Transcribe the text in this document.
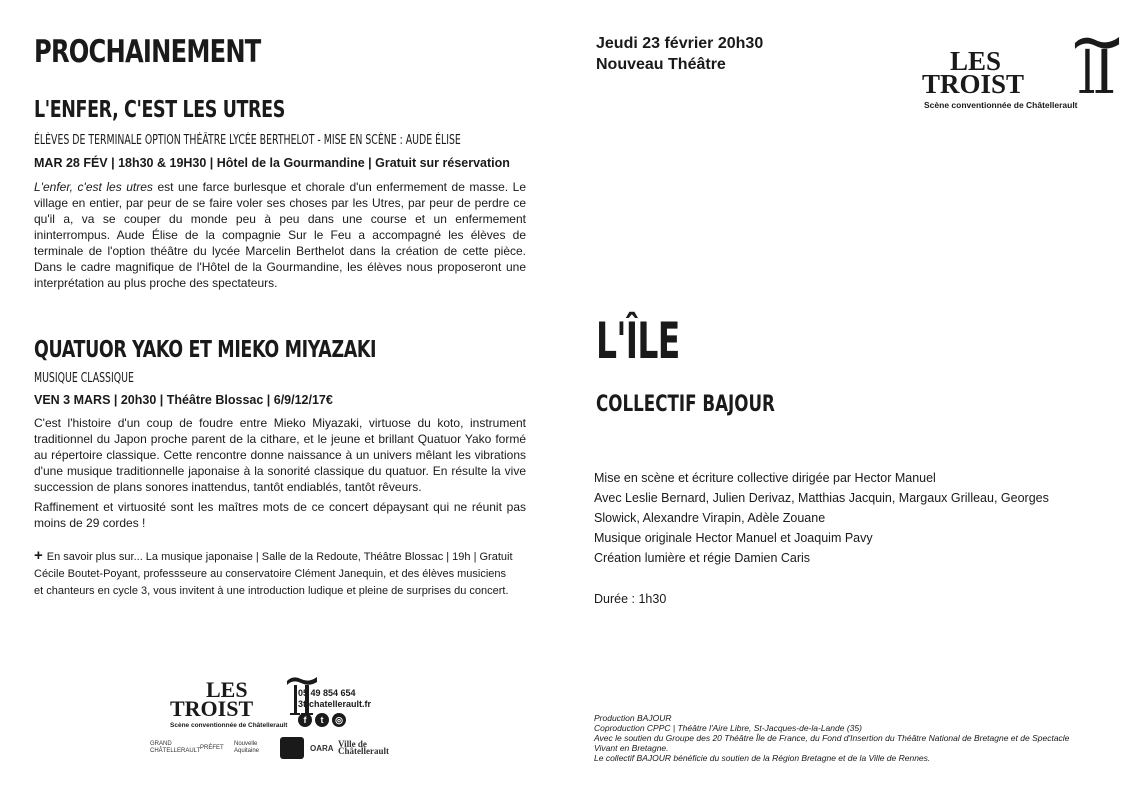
PROCHAINEMENT
L'ENFER, C'EST LES UTRES
ÉLÈVES DE TERMINALE OPTION THÉÂTRE LYCÉE BERTHELOT - MISE EN SCÈNE : AUDE ÉLISE
MAR 28 FÉV | 18h30 & 19H30 | Hôtel de la Gourmandine | Gratuit sur réservation

L'enfer, c'est les utres est une farce burlesque et chorale d'un enfermement de masse. Le village en entier, par peur de se faire voler ses choses par les Utres, par peur de perdre ce qu'il a, va se couper du monde peu à peu dans une course et un enfermement ininterrompus. Aude Élise de la compagnie Sur le Feu a accompagné les élèves de terminale de l'option théâtre du lycée Marcelin Berthelot dans la création de cette pièce. Dans le cadre magnifique de l'Hôtel de la Gourmandine, les élèves nous proposeront une interprétation au plus proche des spectateurs.

QUATUOR YAKO ET MIEKO MIYAZAKI
MUSIQUE CLASSIQUE
VEN 3 MARS | 20h30 | Théâtre Blossac | 6/9/12/17€

C'est l'histoire d'un coup de foudre entre Mieko Miyazaki, virtuose du koto, instrument traditionnel du Japon proche parent de la cithare, et le jeune et brillant Quatuor Yako formé au répertoire classique. Cette rencontre donne naissance à un univers mêlant les vibrations d'une musique traditionnelle japonaise à la sonorité classique du quatuor. En résulte la vive succession de plans sonores inattendus, tantôt endiablés, tantôt rêveurs.

Raffinement et virtuosité sont les maîtres mots de ce concert dépaysant qui ne réunit pas moins de 29 cordes !

+ En savoir plus sur... La musique japonaise | Salle de la Redoute, Théâtre Blossac | 19h | Gratuit
Cécile Boutet-Poyant, professseure au conservatoire Clément Janequin, et des élèves musiciens
et chanteurs en cycle 3, vous invitent à une introduction ludique et pleine de surprises du concert.
LES
TROIST
Scène conventionnée de Châtellerault
05 49 854 654
3t-chatellerault.fr
f	t	◎
GRAND CHÂTELLERAULT
PRÉFET
Nouvelle Aquitaine	OARA Ville de Châtellerault
Jeudi 23 février 20h30
Nouveau Théâtre	LES
TROIST
Scène conventionnée de Châtellerault
L'ÎLE
COLLECTIF BAJOUR
Mise en scène et écriture collective dirigée par Hector Manuel
Avec Leslie Bernard, Julien Derivaz, Matthias Jacquin, Margaux Grilleau, Georges Slowick, Alexandre Virapin, Adèle Zouane
Musique originale Hector Manuel et Joaquim Pavy
Création lumière et régie Damien Caris
Durée : 1h30
Production BAJOUR
Coproduction CPPC | Théâtre l'Aire Libre, St-Jacques-de-la-Lande (35)
Avec le soutien du Groupe des 20 Théâtre Île de France, du Fond d'Insertion du Théâtre National de Bretagne et de Spectacle Vivant en Bretagne.
Le collectif BAJOUR bénéficie du soutien de la Région Bretagne et de la Ville de Rennes.
